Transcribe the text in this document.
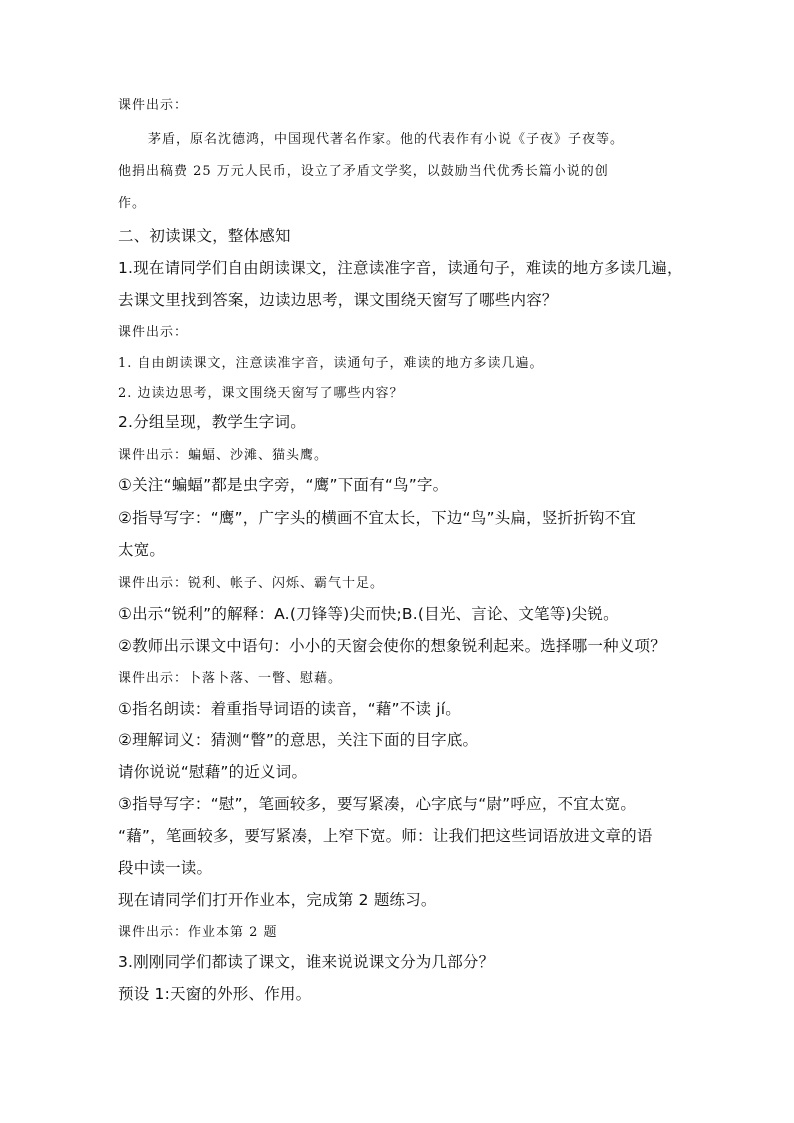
课件出示：
茅盾，原名沈德鸿，中国现代著名作家。他的代表作有小说《子夜》子夜等。
他捐出稿费 25 万元人民币，设立了矛盾文学奖，以鼓励当代优秀长篇小说的创
作。
二、初读课文，整体感知
1.现在请同学们自由朗读课文，注意读准字音，读通句子，难读的地方多读几遍，
去课文里找到答案，边读边思考，课文围绕天窗写了哪些内容？
课件出示：
1. 自由朗读课文，注意读准字音，读通句子，难读的地方多读几遍。
2. 边读边思考，课文围绕天窗写了哪些内容？
2.分组呈现，教学生字词。
课件出示：蝙蝠、沙滩、猫头鹰。
①关注“蝙蝠”都是虫字旁，“鹰”下面有“鸟”字。
②指导写字：“鹰”，广字头的横画不宜太长，下边“鸟”头扁，竖折折钩不宜
太宽。
课件出示：锐利、帐子、闪烁、霸气十足。
①出示“锐利”的解释：A.(刀锋等)尖而快;B.(目光、言论、文笔等)尖锐。
②教师出示课文中语句：小小的天窗会使你的想象锐利起来。选择哪一种义项？
课件出示：卜落卜落、一瞥、慰藉。
①指名朗读：着重指导词语的读音，“藉”不读 jí。
②理解词义：猜测“瞥”的意思，关注下面的目字底。
请你说说“慰藉”的近义词。
③指导写字：“慰”，笔画较多，要写紧凑，心字底与“尉”呼应，不宜太宽。
“藉”，笔画较多，要写紧凑，上窄下宽。师：让我们把这些词语放进文章的语
段中读一读。
现在请同学们打开作业本，完成第 2 题练习。
课件出示：作业本第 2 题
3.刚刚同学们都读了课文，谁来说说课文分为几部分？
预设 1:天窗的外形、作用。
